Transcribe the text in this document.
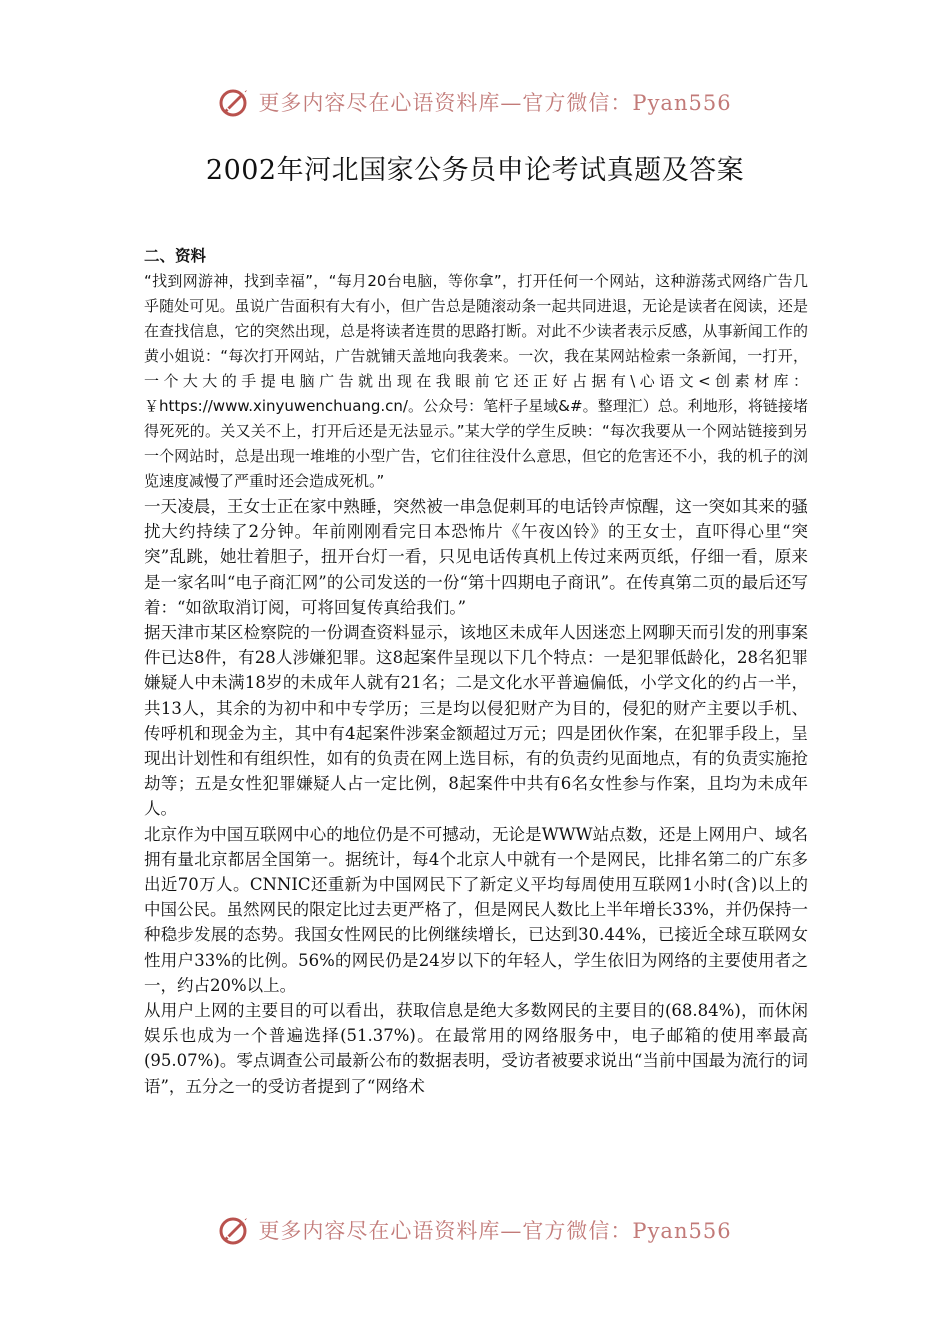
更多内容尽在心语资料库—官方微信：Pyan556
2002年河北国家公务员申论考试真题及答案

二、资料

“找到网游神，找到幸福”，“每月20台电脑，等你拿”，打开任何一个网站，这种游荡式网络广告几乎随处可见。虽说广告面积有大有小，但广告总是随滚动条一起共同进退，无论是读者在阅读，还是在查找信息，它的突然出现，总是将读者连贯的思路打断。对此不少读者表示反感，从事新闻工作的黄小姐说：“每次打开网站，广告就铺天盖地向我袭来。一次，我在某网站检索一条新闻，一打开，一个大大的手提电脑广告就出现在我眼前它还正好占据有\心语文<创素材库：￥https://www.xinyuwenchuang.cn/。公众号：笔杆子星域&#。整理汇）总。利地形，将链接堵得死死的。关又关不上，打开后还是无法显示。”某大学的学生反映：“每次我要从一个网站链接到另一个网站时，总是出现一堆堆的小型广告，它们往往没什么意思，但它的危害还不小，我的机子的浏览速度减慢了严重时还会造成死机。”

一天凌晨，王女士正在家中熟睡，突然被一串急促刺耳的电话铃声惊醒，这一突如其来的骚扰大约持续了2分钟。年前刚刚看完日本恐怖片《午夜凶铃》的王女士，直吓得心里“突突”乱跳，她壮着胆子，扭开台灯一看，只见电话传真机上传过来两页纸，仔细一看，原来是一家名叫“电子商汇网”的公司发送的一份“第十四期电子商讯”。在传真第二页的最后还写着：“如欲取消订阅，可将回复传真给我们。”

据天津市某区检察院的一份调查资料显示，该地区未成年人因迷恋上网聊天而引发的刑事案件已达8件，有28人涉嫌犯罪。这8起案件呈现以下几个特点：一是犯罪低龄化，28名犯罪嫌疑人中未满18岁的未成年人就有21名；二是文化水平普遍偏低，小学文化的约占一半，共13人，其余的为初中和中专学历；三是均以侵犯财产为目的，侵犯的财产主要以手机、传呼机和现金为主，其中有4起案件涉案金额超过万元；四是团伙作案，在犯罪手段上，呈现出计划性和有组织性，如有的负责在网上选目标，有的负责约见面地点，有的负责实施抢劫等；五是女性犯罪嫌疑人占一定比例，8起案件中共有6名女性参与作案，且均为未成年人。

北京作为中国互联网中心的地位仍是不可撼动，无论是WWW站点数，还是上网用户、域名拥有量北京都居全国第一。据统计，每4个北京人中就有一个是网民，比排名第二的广东多出近70万人。CNNIC还重新为中国网民下了新定义平均每周使用互联网1小时(含)以上的中国公民。虽然网民的限定比过去更严格了，但是网民人数比上半年增长33%，并仍保持一种稳步发展的态势。我国女性网民的比例继续增长，已达到30.44%，已接近全球互联网女性用户33%的比例。56%的网民仍是24岁以下的年轻人，学生依旧为网络的主要使用者之一，约占20%以上。

从用户上网的主要目的可以看出，获取信息是绝大多数网民的主要目的(68.84%)，而休闲娱乐也成为一个普遍选择(51.37%)。在最常用的网络服务中，电子邮箱的使用率最高(95.07%)。零点调查公司最新公布的数据表明，受访者被要求说出“当前中国最为流行的词语”，五分之一的受访者提到了“网络术

更多内容尽在心语资料库—官方微信：Pyan556
